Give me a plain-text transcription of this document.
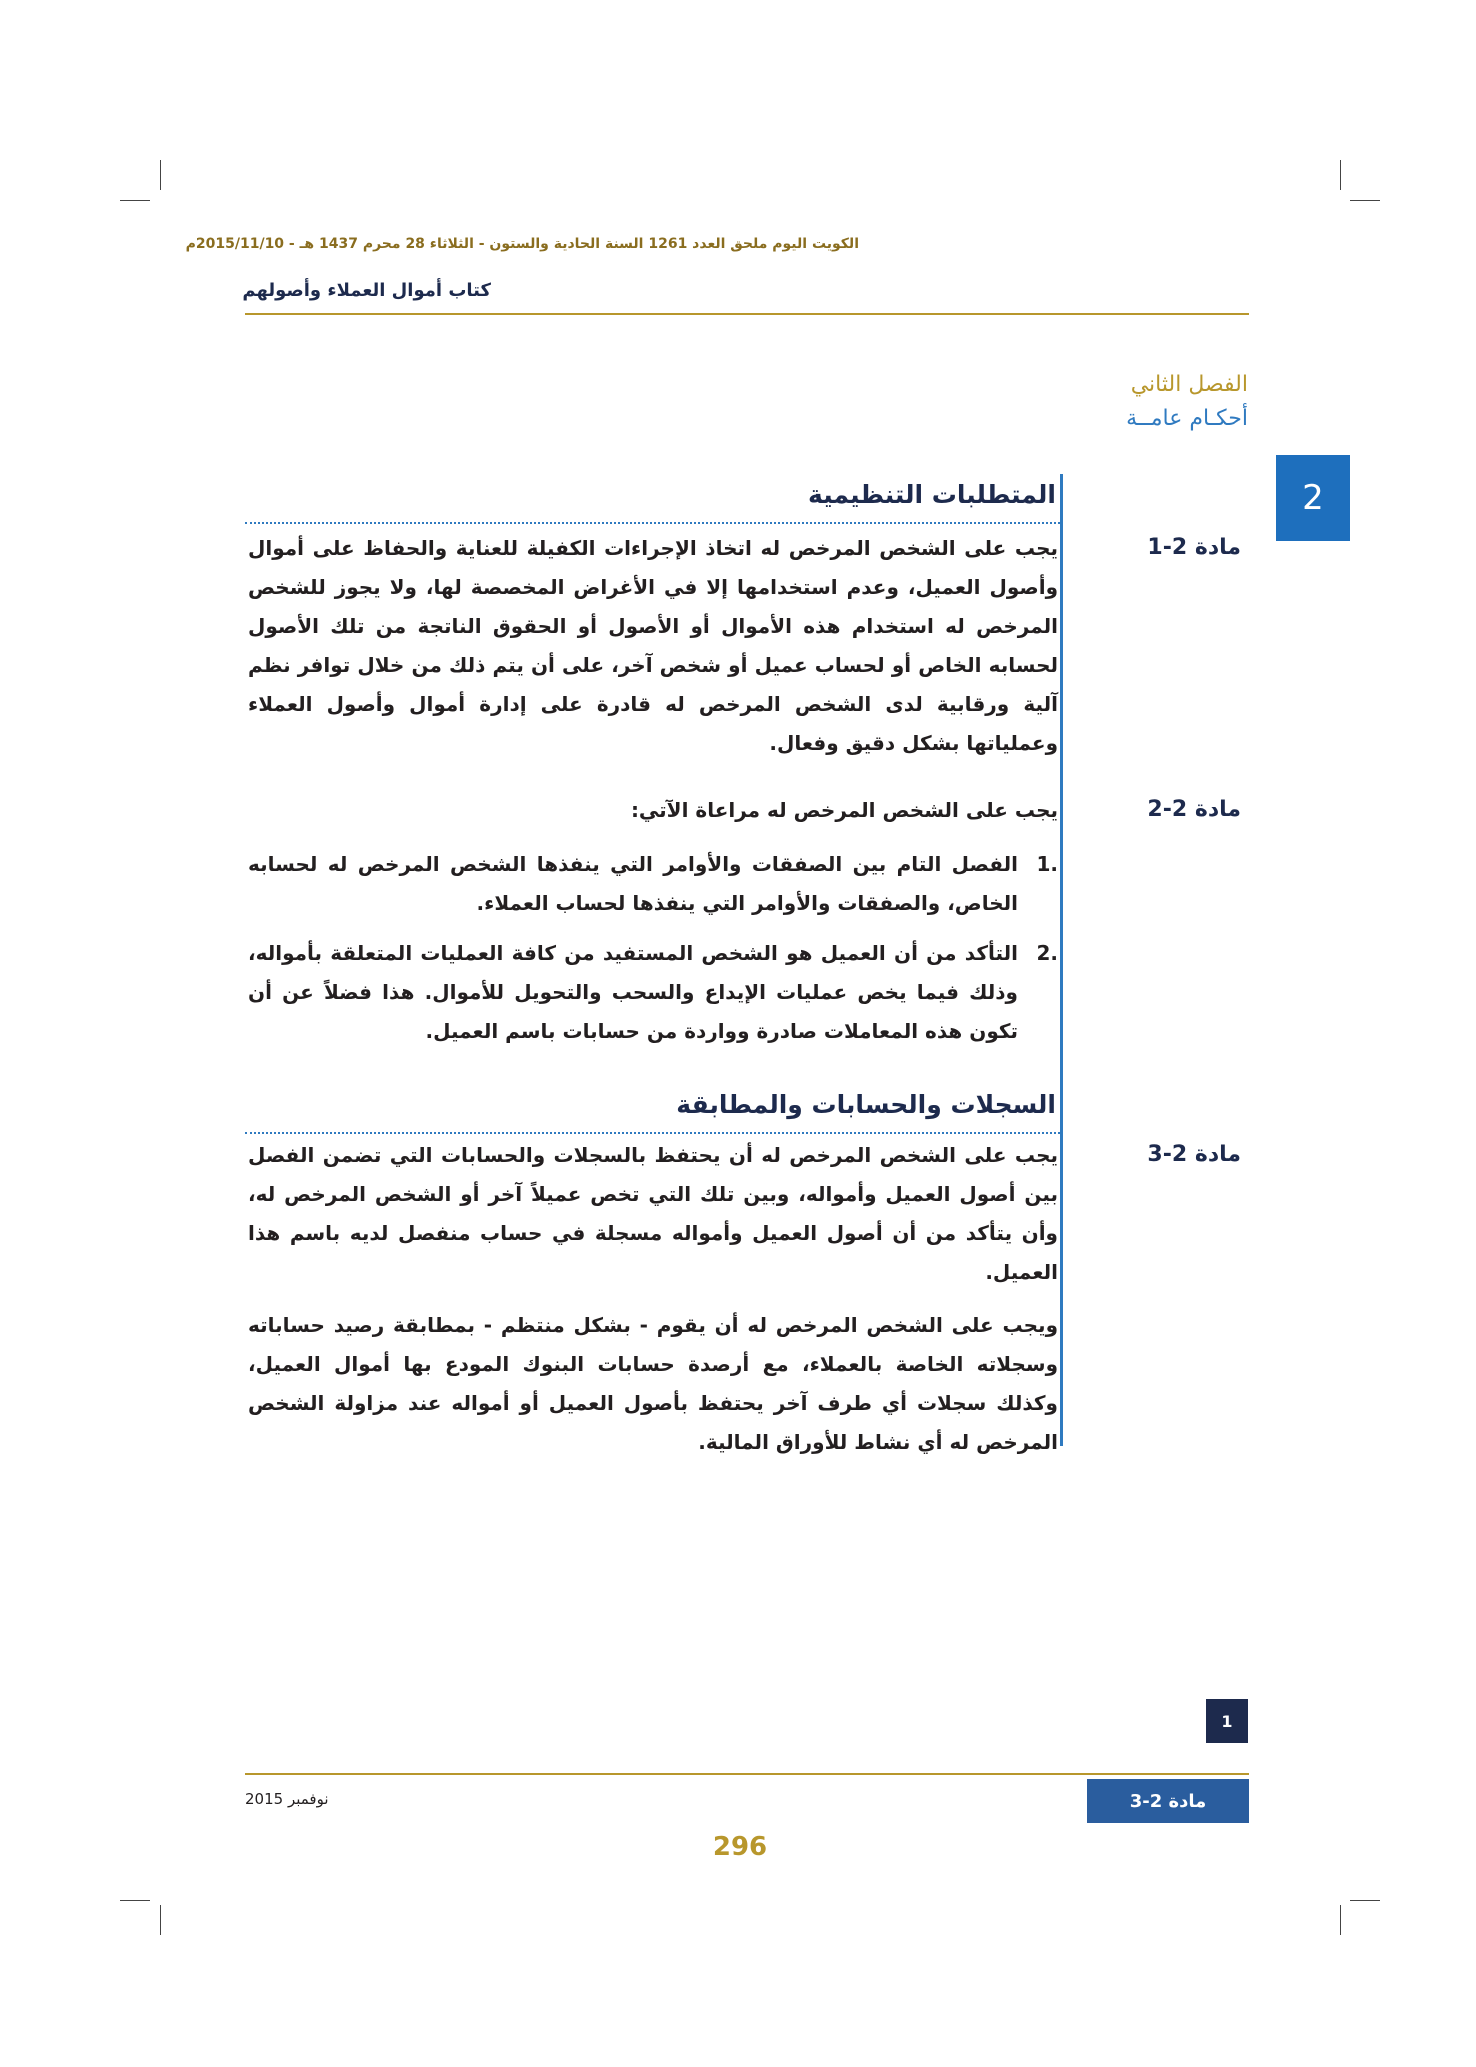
الكويت اليوم ملحق العدد 1261 السنة الحادية والستون - الثلاثاء 28 محرم 1437 هـ - 2015/11/10م
كتاب أموال العملاء وأصولهم
الفصل الثاني
أحكـام عامــة
2
المتطلبات التنظيمية
مادة 2-1
يجب على الشخص المرخص له اتخاذ الإجراءات الكفيلة للعناية والحفاظ على أموال وأصول العميل، وعدم استخدامها إلا في الأغراض المخصصة لها، ولا يجوز للشخص المرخص له استخدام هذه الأموال أو الأصول أو الحقوق الناتجة من تلك الأصول لحسابه الخاص أو لحساب عميل أو شخص آخر، على أن يتم ذلك من خلال توافر نظم آلية ورقابية لدى الشخص المرخص له قادرة على إدارة أموال وأصول العملاء وعملياتها بشكل دقيق وفعال.
مادة 2-2
يجب على الشخص المرخص له مراعاة الآتي:
.1
الفصل التام بين الصفقات والأوامر التي ينفذها الشخص المرخص له لحسابه الخاص، والصفقات والأوامر التي ينفذها لحساب العملاء.
.2
التأكد من أن العميل هو الشخص المستفيد من كافة العمليات المتعلقة بأمواله، وذلك فيما يخص عمليات الإيداع والسحب والتحويل للأموال. هذا فضلاً عن أن تكون هذه المعاملات صادرة وواردة من حسابات باسم العميل.
السجلات والحسابات والمطابقة
مادة 2-3
يجب على الشخص المرخص له أن يحتفظ بالسجلات والحسابات التي تضمن الفصل بين أصول العميل وأمواله، وبين تلك التي تخص عميلاً آخر أو الشخص المرخص له، وأن يتأكد من أن أصول العميل وأمواله مسجلة في حساب منفصل لديه باسم هذا العميل.
ويجب على الشخص المرخص له أن يقوم - بشكل منتظم - بمطابقة رصيد حساباته وسجلاته الخاصة بالعملاء، مع أرصدة حسابات البنوك المودع بها أموال العميل، وكذلك سجلات أي طرف آخر يحتفظ بأصول العميل أو أمواله عند مزاولة الشخص المرخص له أي نشاط للأوراق المالية.
1
نوفمبر 2015	مادة 2-3
296
